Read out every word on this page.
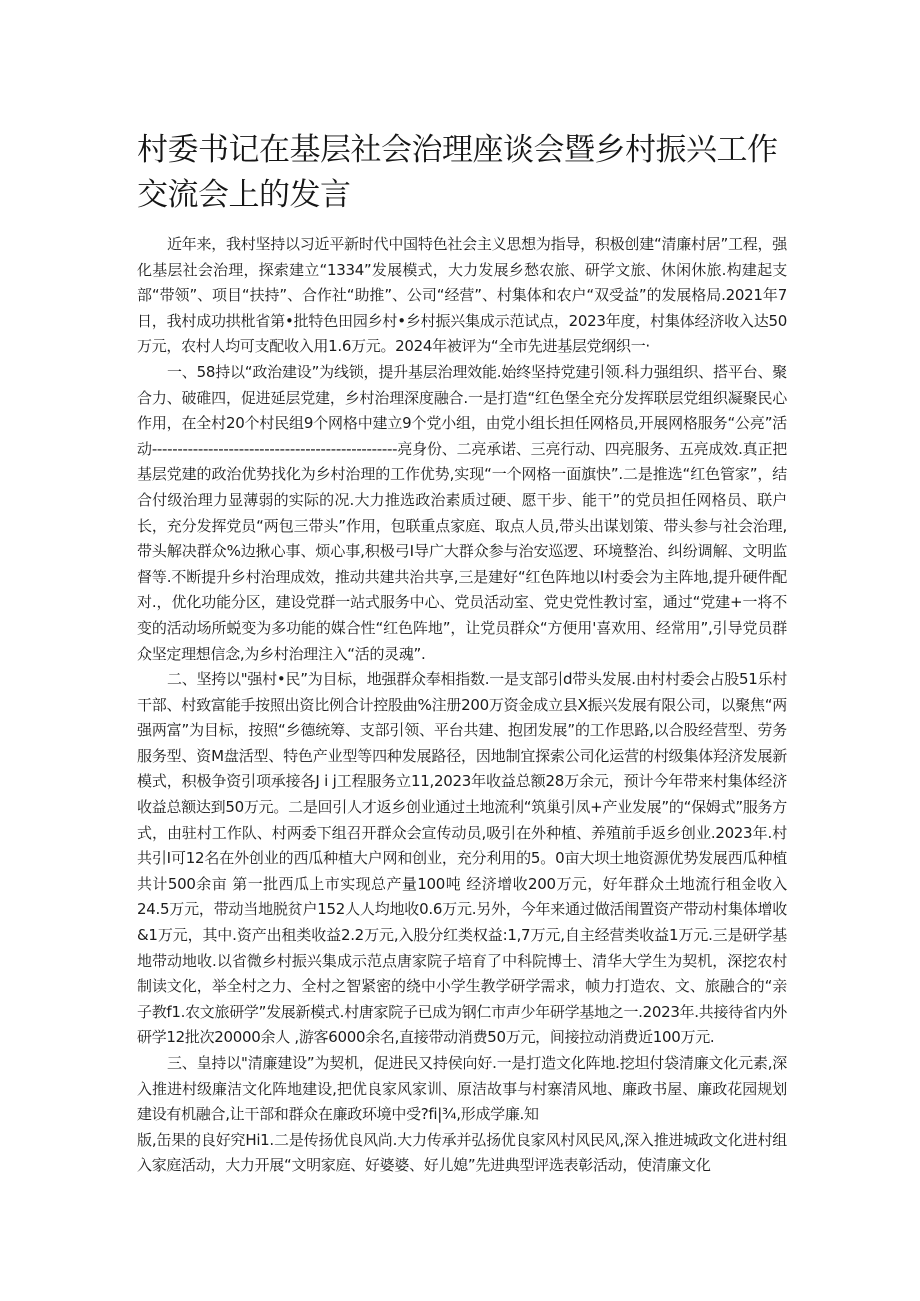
村委书记在基层社会治理座谈会暨乡村振兴工作交流会上的发言

近年来，我村坚持以习近平新时代中国特色社会主义思想为指导，积极创建“清廉村居”工程，强化基层社会治理，探索建立“1334”发展模式，大力发展乡愁农旅、研学文旅、休闲休旅.构建起支部“带领”、项目“扶持”、合作社“助推”、公司“经营”、村集体和农户“双受益”的发展格局.2021年7日，我村成功拱枇省第•批特色田园乡村•乡村振兴集成示范试点，2023年度，村集体经济收入达50万元，农村人均可支配收入用1.6万元。2024年被评为“全市先进基层党纲织一·

一、58持以“政治建设”为线锁，提升基层治理效能.始终坚持党建引领.科力强组织、搭平台、聚合力、破碓四，促进延层党建，乡村治理深度融合.一是打造“红色堡全充分发挥联层党组织凝聚民心作用，在全村20个村民组9个网格中建立9个党小组，由党小组长担任网格员,开展网格服务“公亮”活动------------------------------------------------亮身份、二亮承诺、三亮行动、四亮服务、五亮成效.真正把基层党建的政治优势找化为乡村治理的工作优势,实现“一个网格一面旗快”.二是推选“红色管家”，结合付级治理力显薄弱的实际的况.大力推选政治素质过硬、愿干步、能干”的党员担任网格员、联户长，充分发挥党员“两包三带头”作用，包联重点家庭、取点人员,带头出谋划策、带头参与社会治理,带头解决群众%边揪心事、烦心事,积极弓I导广大群众参与治安巡逻、环境整治、纠纷调解、文明监督等.不断提升乡村治理成效，推动共建共治共享,三是建好“红色阵地以I村委会为主阵地,提升硬件配对.，优化功能分区，建设党群一站式服务中心、党员活动室、党史党性教讨室，通过“党建+一将不变的活动场所蜕变为多功能的媒合性“红色阵地”，让党员群众“方便用'喜欢用、经常用”,引导党员群众坚定理想信念,为乡村治理注入“活的灵魂”.

二、坚挎以"强村•民”为目标，地强群众奉相指数.一是支部引d带头发展.由村村委会占股51乐村干部、村致富能手按照出资比例合计控股曲%注册200万资金成立县X振兴发展有限公司，以聚焦“两强两富”为目标，按照“乡德统筹、支部引领、平台共建、抱团发展”的工作思路,以合股经营型、劳务服务型、资M盘活型、特色产业型等四种发展路径，因地制宜探索公司化运营的村级集体羟济发展新模式，积极争资引项承接各J i j工程服务立11,2023年收益总额28万余元，预计今年带来村集体经济收益总额达到50万元。二是回引人才返乡创业通过土地流利“筑巢引凤+产业发展”的“保姆式”服务方式，由驻村工作队、村两委下组召开群众会宣传动员,吸引在外种植、养殖前手返乡创业.2023年.村共引I可12名在外创业的西瓜种植大户网和创业，充分利用的5。0亩大坝土地资源优势发展西瓜种植共计500余亩 第一批西瓜上市实现总产量100吨 经济增收200万元，好年群众土地流行租金收入24.5万元，带动当地脱贫户152人人均地收0.6万元.另外，今年来通过做活闱置资产带动村集体增收&1万元，其中.资产出租类收益2.2万元,入股分红类权益:1,7万元,自主经营类收益1万元.三是研学基地带动地收.以省微乡村振兴集成示范点唐家院子培育了中科院博士、清华大学生为契机，深挖农村制读文化，举全村之力、全村之智紧密的绕中小学生教学研学需求，帧力打造农、文、旅融合的“亲子教f1.农文旅研学”发展新模式.村唐家院子已成为钢仁市声少年研学基地之一.2023年.共接待省内外研学12批次20000余人 ,游客6000余名,直接带动消费50万元，间接拉动消费近100万元.

三、皇持以"清廉建设”为契机，促进民又持侯向好.一是打造文化阵地.挖坦付袋清廉文化元素,深入推进村级廉洁文化阵地建设,把优良家风家训、原洁故事与村寨清风地、廉政书屋、廉政花园规划建设有机融合,让干部和群众在廉政环境中受?fi|¾,形成学廉.知

版,缶果的良好究Hi1.二是传扬优良风尚.大力传承并弘扬优良家风村风民风,深入推进城政文化进村组入家庭活动，大力开展“文明家庭、好婆婆、好儿媳”先进典型评选表彰活动，使清廉文化
